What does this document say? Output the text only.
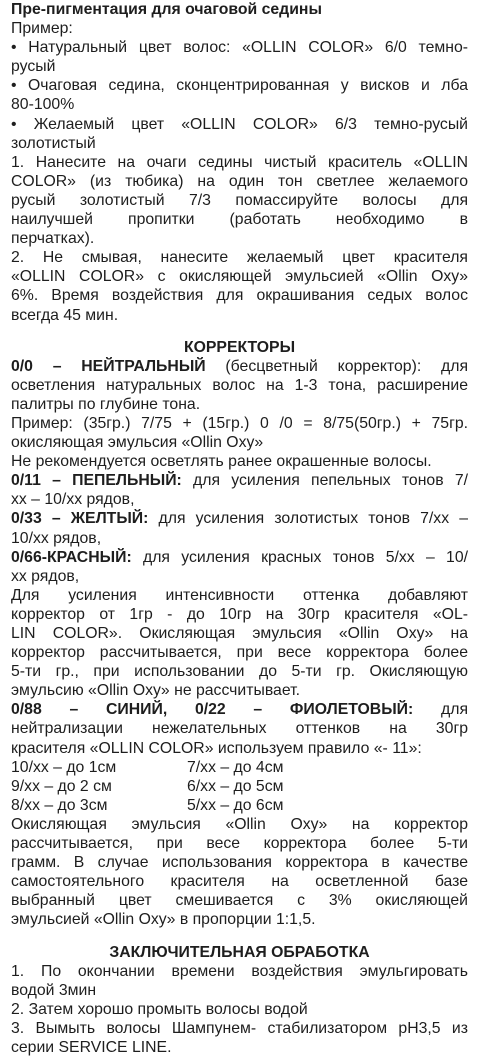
Пре-пигментация для очаговой седины
Пример:
• Натуральный цвет волос: «OLLIN COLOR» 6/0 темно-
русый
• Очаговая седина, сконцентрированная у висков и лба
80-100%
• Желаемый цвет «OLLIN COLOR» 6/3 темно-русый
золотистый
1. Нанесите на очаги седины чистый краситель «OLLIN
COLOR» (из тюбика) на один тон светлее желаемого
русый золотистый 7/3 помассируйте волосы для
наилучшей пропитки (работать необходимо в
перчатках).
2. Не смывая, нанесите желаемый цвет красителя
«OLLIN COLOR» с окисляющей эмульсией «Ollin Oxy»
6%. Время воздействия для окрашивания седых волос
всегда 45 мин.
КОРРЕКТОРЫ
0/0 – НЕЙТРАЛЬНЫЙ (бесцветный корректор): для
осветления натуральных волос на 1-3 тона, расширение
палитры по глубине тона.
Пример: (35гр.) 7/75 + (15гр.) 0 /0 = 8/75(50гр.) + 75гр.
окисляющая эмульсия «Ollin Oxy»
Не рекомендуется осветлять ранее окрашенные волосы.
0/11 – ПЕПЕЛЬНЫЙ: для усиления пепельных тонов 7/
хх – 10/хх рядов,
0/33 – ЖЕЛТЫЙ: для усиления золотистых тонов 7/хх –
10/хх рядов,
0/66-КРАСНЫЙ: для усиления красных тонов 5/хх – 10/
хх рядов,
Для усиления интенсивности оттенка добавляют
корректор от 1гр - до 10гр на 30гр красителя «OL-
LIN COLOR». Окисляющая эмульсия «Ollin Oxy» на
корректор рассчитывается, при весе корректора более
5-ти гр., при использовании до 5-ти гр. Окисляющую
эмульсию «Ollin Oxy» не рассчитывает.
0/88 – СИНИЙ, 0/22 – ФИОЛЕТОВЫЙ: для
нейтрализации нежелательных оттенков на 30гр
красителя «OLLIN COLOR» используем правило «- 11»:
10/хх – до 1см	7/хх – до 4см
9/хх – до 2 см	6/хх – до 5см
8/хх – до 3см	5/хх – до 6см
Окисляющая эмульсия «Ollin Oxy» на корректор
рассчитывается, при весе корректора более 5-ти
грамм. В случае использования корректора в качестве
самостоятельного красителя на осветленной базе
выбранный цвет смешивается с 3% окисляющей
эмульсией «Ollin Oxy» в пропорции 1:1,5.
ЗАКЛЮЧИТЕЛЬНАЯ ОБРАБОТКА
1. По окончании времени воздействия эмульгировать
водой 3мин
2. Затем хорошо промыть волосы водой
3. Вымыть волосы Шампунем- стабилизатором pH3,5 из
серии SERVICE LINE.
